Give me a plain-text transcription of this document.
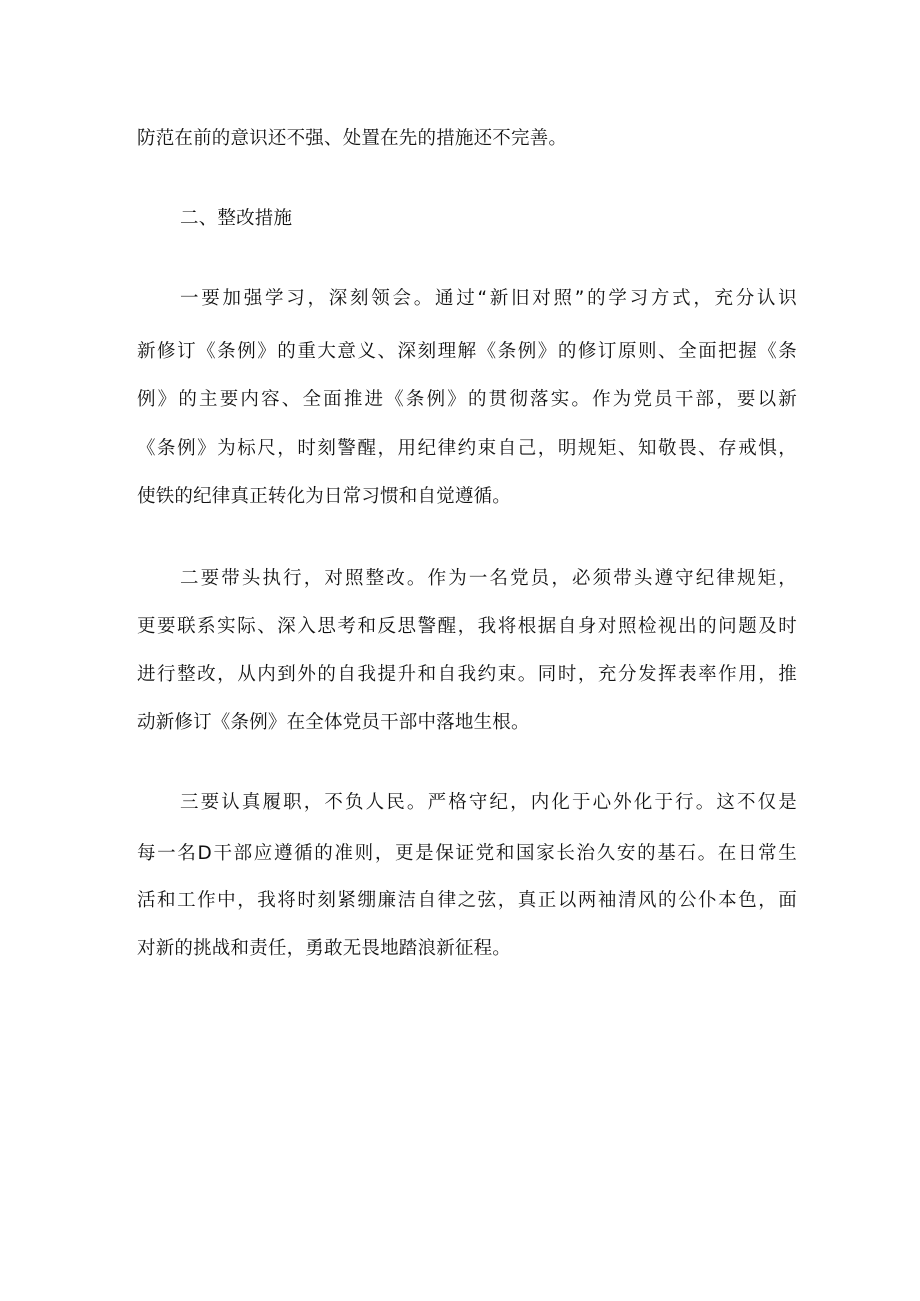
防范在前的意识还不强、处置在先的措施还不完善。
二、整改措施
一要加强学习，深刻领会。通过“新旧对照”的学习方式，充分认识
新修订《条例》的重大意义、深刻理解《条例》的修订原则、全面把握《条
例》的主要内容、全面推进《条例》的贯彻落实。作为党员干部，要以新
《条例》为标尺，时刻警醒，用纪律约束自己，明规矩、知敬畏、存戒惧，
使铁的纪律真正转化为日常习惯和自觉遵循。
二要带头执行，对照整改。作为一名党员，必须带头遵守纪律规矩，
更要联系实际、深入思考和反思警醒，我将根据自身对照检视出的问题及时
进行整改，从内到外的自我提升和自我约束。同时，充分发挥表率作用，推
动新修订《条例》在全体党员干部中落地生根。
三要认真履职，不负人民。严格守纪，内化于心外化于行。这不仅是
每一名D干部应遵循的准则，更是保证党和国家长治久安的基石。在日常生
活和工作中，我将时刻紧绷廉洁自律之弦，真正以两袖清风的公仆本色，面
对新的挑战和责任，勇敢无畏地踏浪新征程。
